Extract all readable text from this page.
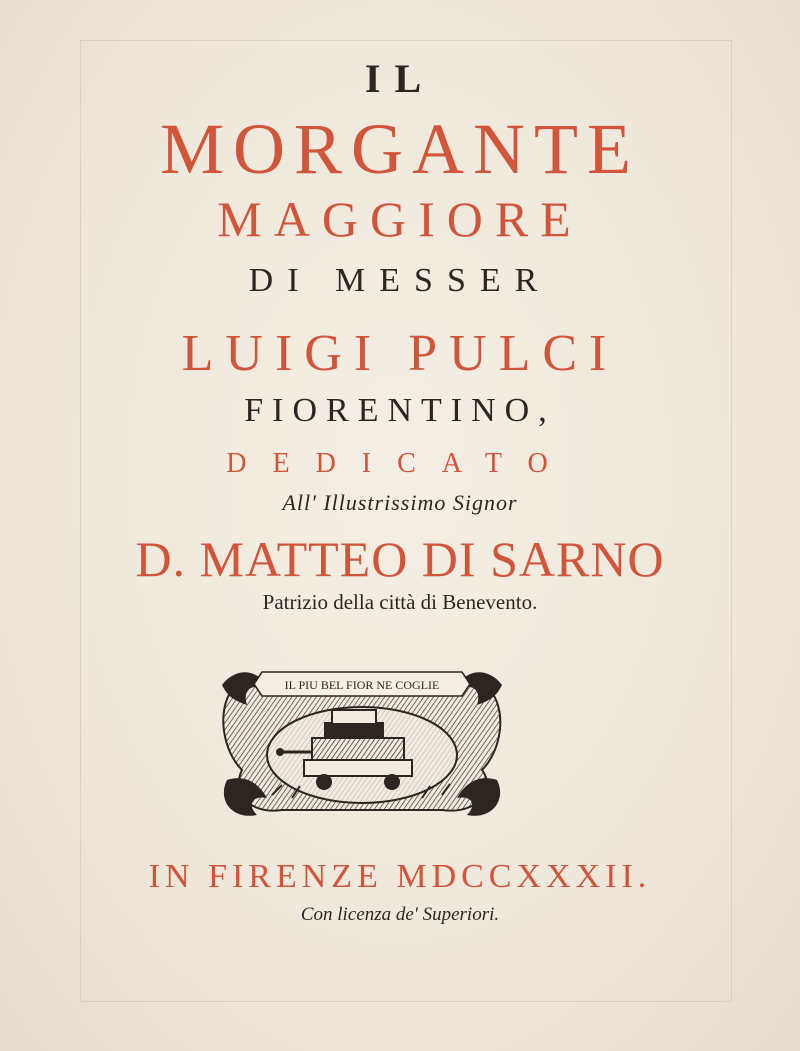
IL
MORGANTE
MAGGIORE
DI MESSER
LUIGI PULCI
FIORENTINO,
DEDICATO
All' Illustrissimo Signor
D. MATTEO DI SARNO
Patrizio della città di Benevento.
IL PIU BEL FIOR NE COGLIE
IN FIRENZE MDCCXXXII.
Con licenza de' Superiori.
